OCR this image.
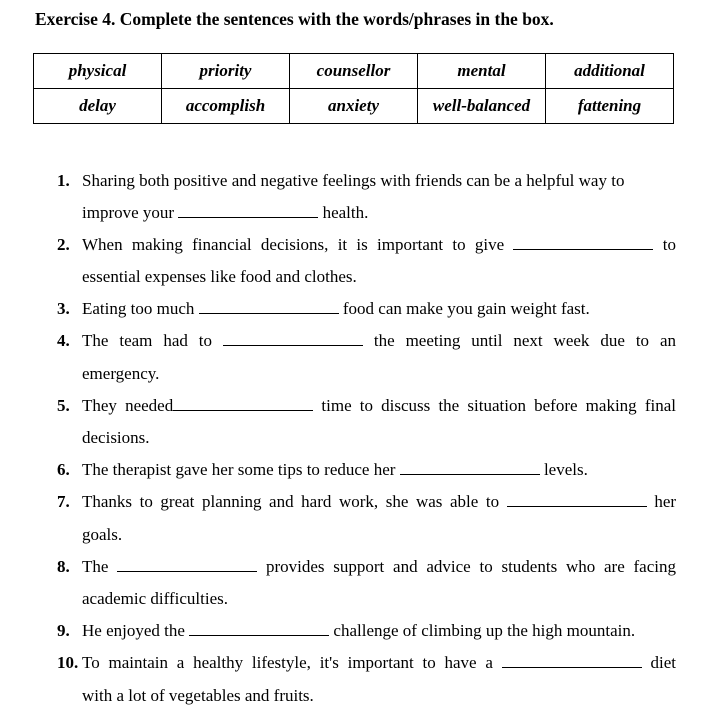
Exercise 4. Complete the sentences with the words/phrases in the box.
physical	priority	counsellor	mental	additional
delay	accomplish	anxiety	well-balanced	fattening
1. Sharing both positive and negative feelings with friends can be a helpful way to
improve your	health.
2. When making financial decisions, it is important to give	to
essential expenses like food and clothes.
3. Eating too much	food can make you gain weight fast.
4. The team had to	the meeting until next week due to an
emergency.
5. They needed	time to discuss the situation before making final
decisions.
6. The therapist gave her some tips to reduce her	levels.
7. Thanks to great planning and hard work, she was able to	her
goals.
8. The	provides support and advice to students who are facing
academic difficulties.
9. He enjoyed the	challenge of climbing up the high mountain.
10. To maintain a healthy lifestyle, it's important to have a	diet
with a lot of vegetables and fruits.
